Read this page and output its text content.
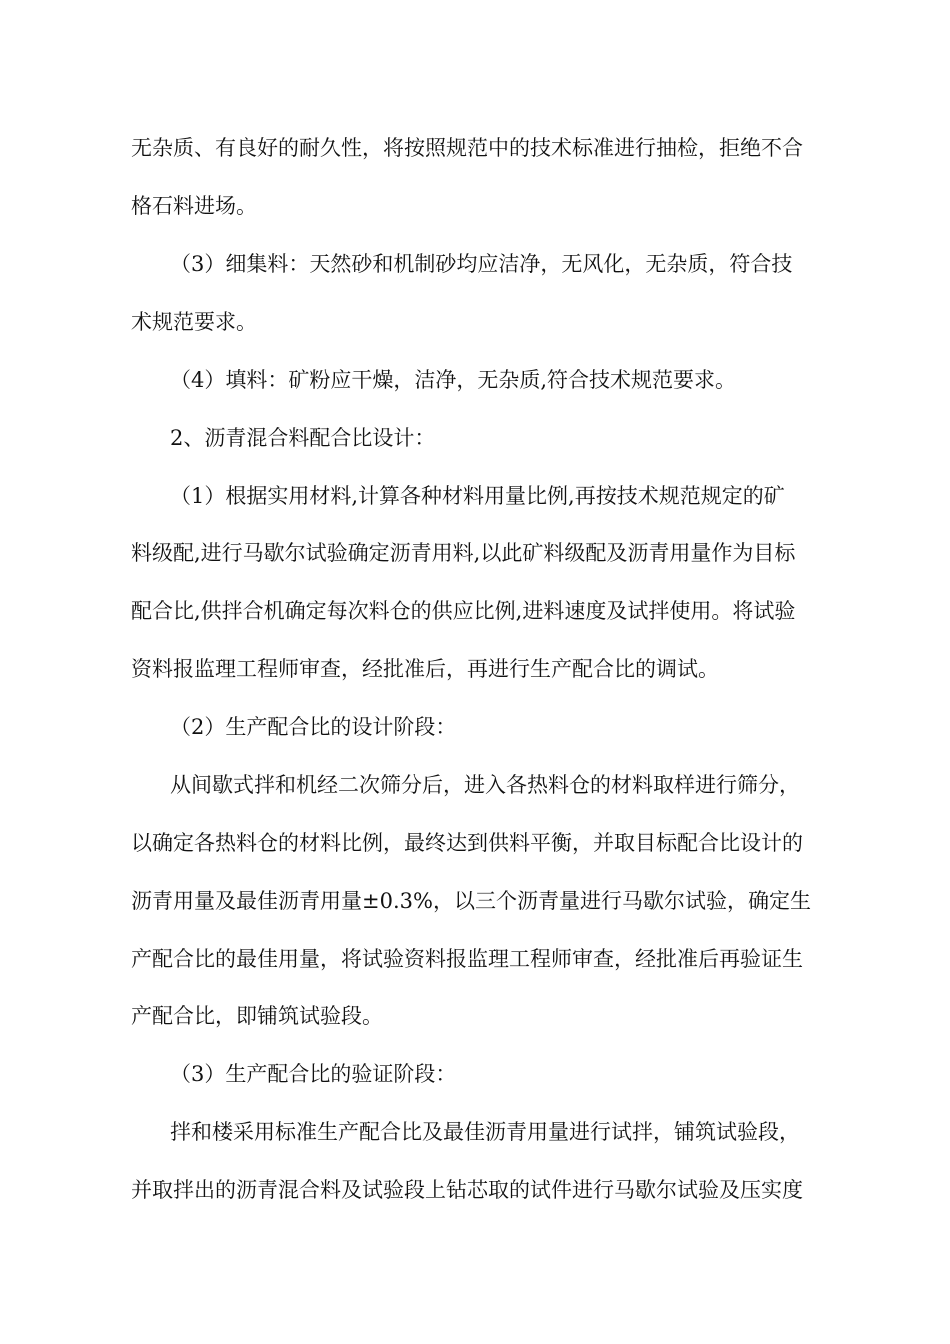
无杂质、有良好的耐久性，将按照规范中的技术标准进行抽检，拒绝不合
格石料进场。
（3）细集料：天然砂和机制砂均应洁净，无风化，无杂质，符合技
术规范要求。
（4）填料：矿粉应干燥，洁净，无杂质,符合技术规范要求。
2、沥青混合料配合比设计：
（1）根据实用材料,计算各种材料用量比例,再按技术规范规定的矿
料级配,进行马歇尔试验确定沥青用料,以此矿料级配及沥青用量作为目标
配合比,供拌合机确定每次料仓的供应比例,进料速度及试拌使用。将试验
资料报监理工程师审查，经批准后，再进行生产配合比的调试。
（2）生产配合比的设计阶段：
从间歇式拌和机经二次筛分后，进入各热料仓的材料取样进行筛分，
以确定各热料仓的材料比例，最终达到供料平衡，并取目标配合比设计的
沥青用量及最佳沥青用量±0.3%，以三个沥青量进行马歇尔试验，确定生
产配合比的最佳用量，将试验资料报监理工程师审查，经批准后再验证生
产配合比，即铺筑试验段。
（3）生产配合比的验证阶段：
拌和楼采用标准生产配合比及最佳沥青用量进行试拌，铺筑试验段，
并取拌出的沥青混合料及试验段上钻芯取的试件进行马歇尔试验及压实度
